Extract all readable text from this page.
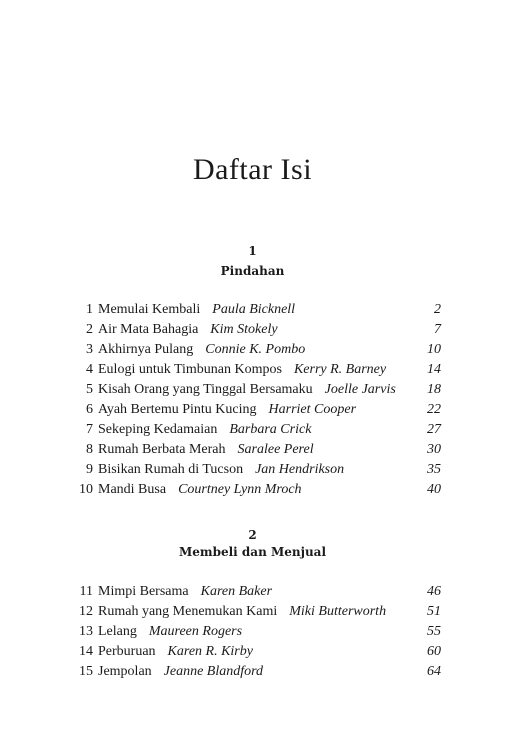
Daftar Isi
1
Pindahan
1 Memulai Kembali Paula Bicknell	2
2 Air Mata Bahagia Kim Stokely	7
3 Akhirnya Pulang Connie K. Pombo	10
4 Eulogi untuk Timbunan Kompos Kerry R. Barney	14
5 Kisah Orang yang Tinggal Bersamaku Joelle Jarvis 18
6 Ayah Bertemu Pintu Kucing Harriet Cooper	22
7 Sekeping Kedamaian Barbara Crick	27
8 Rumah Berbata Merah Saralee Perel	30
9 Bisikan Rumah di Tucson Jan Hendrikson	35
10 Mandi Busa Courtney Lynn Mroch	40
2
Membeli dan Menjual
11 Mimpi Bersama Karen Baker	46
12 Rumah yang Menemukan Kami Miki Butterworth	51
13 Lelang Maureen Rogers	55
14 Perburuan Karen R. Kirby	60
15 Jempolan Jeanne Blandford	64
